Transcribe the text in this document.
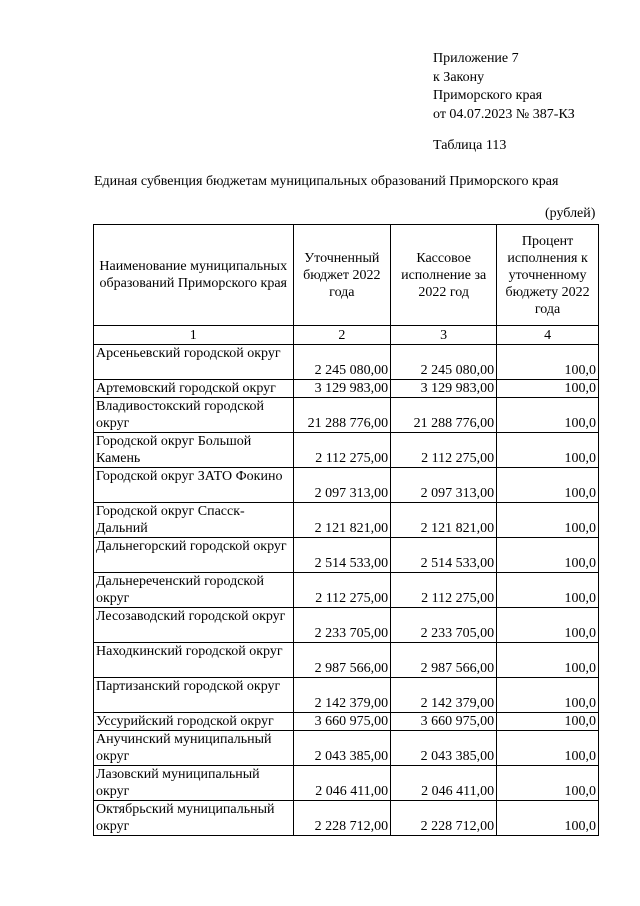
Приложение 7
к Закону
Приморского края
от 04.07.2023 № 387-КЗ
Таблица 113
Единая субвенция бюджетам муниципальных образований Приморского края
(рублей)
Наименование муниципальных образований Приморского края	Уточненный бюджет 2022 года	Кассовое исполнение за 2022 год	Процент исполнения к уточненному бюджету 2022 года
1	2	3	4
Арсеньевский городской округ	2 245 080,00	2 245 080,00	100,0
Артемовский городской округ	3 129 983,00	3 129 983,00	100,0
Владивостокский городской округ	21 288 776,00	21 288 776,00	100,0
Городской округ Большой Камень	2 112 275,00	2 112 275,00	100,0
Городской округ ЗАТО Фокино	2 097 313,00	2 097 313,00	100,0
Городской округ Спасск-Дальний	2 121 821,00	2 121 821,00	100,0
Дальнегорский городской округ	2 514 533,00	2 514 533,00	100,0
Дальнереченский городской округ	2 112 275,00	2 112 275,00	100,0
Лесозаводский городской округ	2 233 705,00	2 233 705,00	100,0
Находкинский городской округ	2 987 566,00	2 987 566,00	100,0
Партизанский городской округ	2 142 379,00	2 142 379,00	100,0
Уссурийский городской округ	3 660 975,00	3 660 975,00	100,0
Анучинский муниципальный округ	2 043 385,00	2 043 385,00	100,0
Лазовский муниципальный округ	2 046 411,00	2 046 411,00	100,0
Октябрьский муниципальный округ	2 228 712,00	2 228 712,00	100,0
